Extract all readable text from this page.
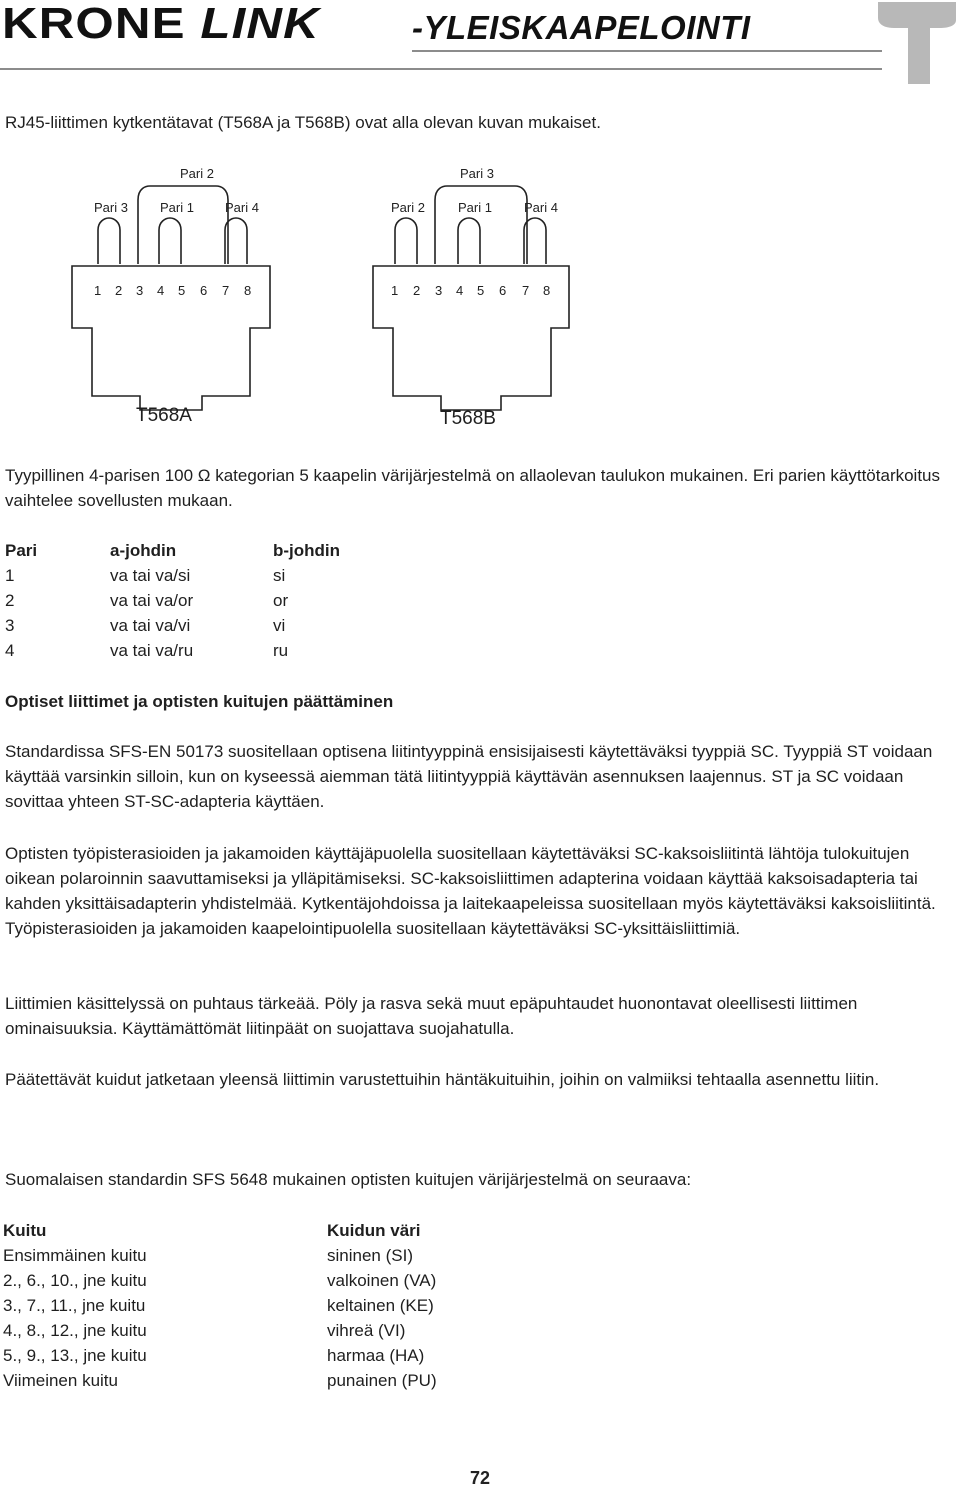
KRONE LINK	-YLEISKAAPELOINTI

RJ45-liittimen kytkentätavat (T568A ja T568B) ovat alla olevan kuvan mukaiset.

Pari 2
Pari 3 Pari 1 Pari 4
1 2 3 4 5 6 7 8
Pari 3
Pari 2	Pari 1 Pari 4
1 2 3 4 5 6 7 8
T568A	T568B

Tyypillinen 4-parisen 100 Ω kategorian 5 kaapelin värijärjestelmä on allaolevan taulukon mukainen. Eri parien käyttötarkoitus vaihtelee sovellusten mukaan.

Pari	a-johdin	b-johdin
1	va tai va/si	si
2	va tai va/or	or
3	va tai va/vi	vi
4	va tai va/ru	ru

Optiset liittimet ja optisten kuitujen päättäminen

Standardissa SFS-EN 50173 suositellaan optisena liitintyyppinä ensisijaisesti käytettäväksi tyyppiä SC. Tyyppiä ST voidaan käyttää varsinkin silloin, kun on kyseessä aiemman tätä liitintyyppiä käyttävän asennuksen laajennus. ST ja SC voidaan sovittaa yhteen ST-SC-adapteria käyttäen.

Optisten työpisterasioiden ja jakamoiden käyttäjäpuolella suositellaan käytettäväksi SC-kaksoisliitintä lähtöja tulokuitujen oikean polaroinnin saavuttamiseksi ja ylläpitämiseksi. SC-kaksoisliittimen adapterina voidaan käyttää kaksoisadapteria tai kahden yksittäisadapterin yhdistelmää. Kytkentäjohdoissa ja laitekaapeleissa suositellaan myös käytettäväksi kaksoisliitintä. Työpisterasioiden ja jakamoiden kaapelointipuolella suositellaan käytettäväksi SC-yksittäisliittimiä.

Liittimien käsittelyssä on puhtaus tärkeää. Pöly ja rasva sekä muut epäpuhtaudet huonontavat oleellisesti liittimen ominaisuuksia. Käyttämättömät liitinpäät on suojattava suojahatulla.

Päätettävät kuidut jatketaan yleensä liittimin varustettuihin häntäkuituihin, joihin on valmiiksi tehtaalla asennettu liitin.

Suomalaisen standardin SFS 5648 mukainen optisten kuitujen värijärjestelmä on seuraava:

Kuitu	Kuidun väri
Ensimmäinen kuitu	sininen (SI)
2., 6., 10., jne kuitu	valkoinen (VA)
3., 7., 11., jne kuitu	keltainen (KE)
4., 8., 12., jne kuitu	vihreä (VI)
5., 9., 13., jne kuitu	harmaa (HA)
Viimeinen kuitu	punainen (PU)
72
